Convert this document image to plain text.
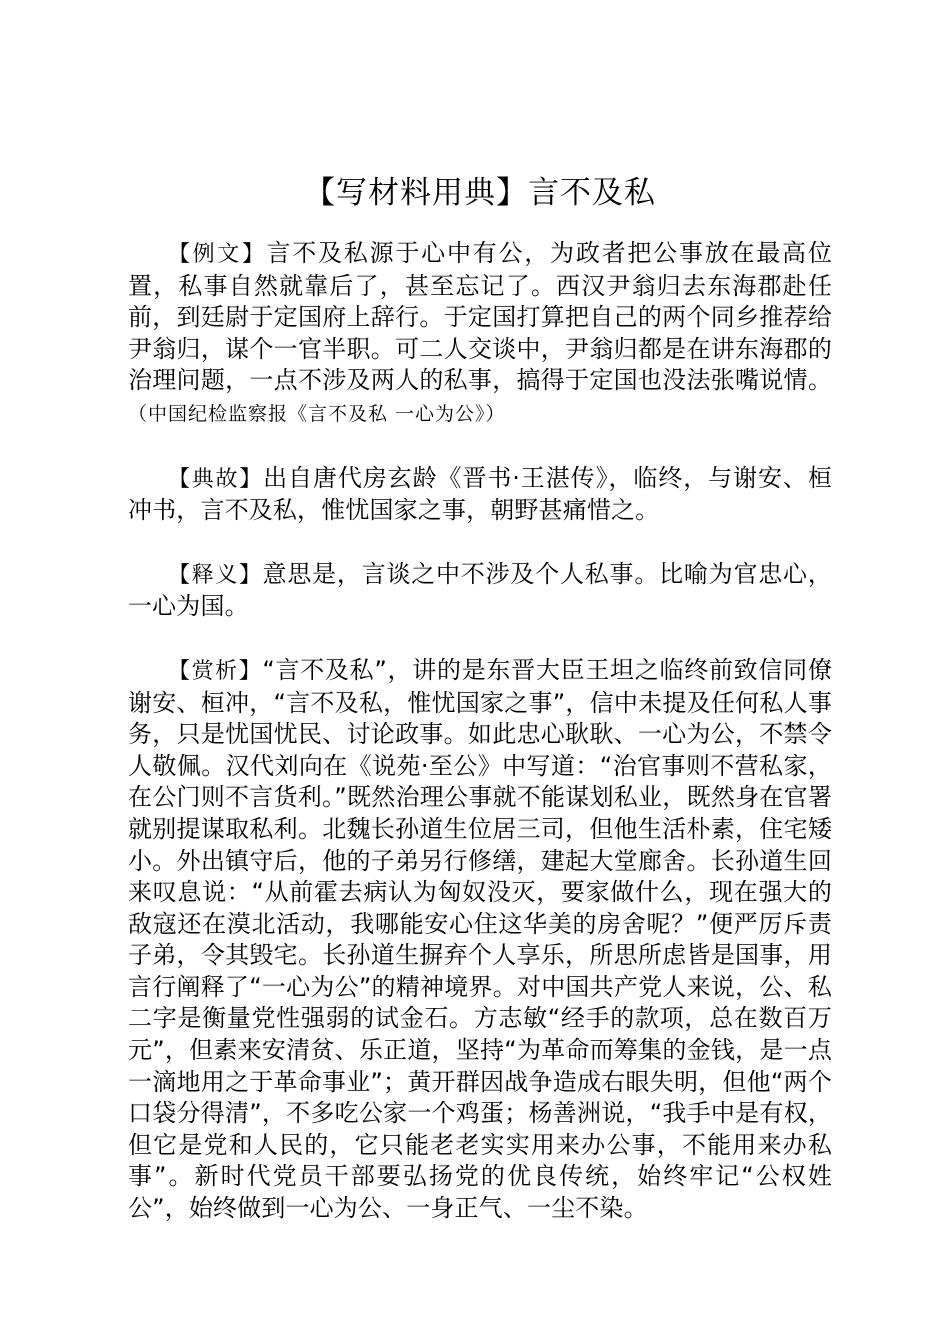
【写材料用典】言不及私

【例文】言不及私源于心中有公，为政者把公事放在最高位置，私事自然就靠后了，甚至忘记了。西汉尹翁归去东海郡赴任前，到廷尉于定国府上辞行。于定国打算把自己的两个同乡推荐给尹翁归，谋个一官半职。可二人交谈中，尹翁归都是在讲东海郡的治理问题，一点不涉及两人的私事，搞得于定国也没法张嘴说情。（中国纪检监察报《言不及私 一心为公》）

【典故】出自唐代房玄龄《晋书·王湛传》，临终，与谢安、桓冲书，言不及私，惟忧国家之事，朝野甚痛惜之。

【释义】意思是，言谈之中不涉及个人私事。比喻为官忠心，一心为国。

【赏析】“言不及私”，讲的是东晋大臣王坦之临终前致信同僚谢安、桓冲，“言不及私，惟忧国家之事”，信中未提及任何私人事务，只是忧国忧民、讨论政事。如此忠心耿耿、一心为公，不禁令人敬佩。汉代刘向在《说苑·至公》中写道：“治官事则不营私家，在公门则不言货利。”既然治理公事就不能谋划私业，既然身在官署就别提谋取私利。北魏长孙道生位居三司，但他生活朴素，住宅矮小。外出镇守后，他的子弟另行修缮，建起大堂廊舍。长孙道生回来叹息说：“从前霍去病认为匈奴没灭，要家做什么，现在强大的敌寇还在漠北活动，我哪能安心住这华美的房舍呢？”便严厉斥责子弟，令其毁宅。长孙道生摒弃个人享乐，所思所虑皆是国事，用言行阐释了“一心为公”的精神境界。对中国共产党人来说，公、私二字是衡量党性强弱的试金石。方志敏“经手的款项，总在数百万元”，但素来安清贫、乐正道，坚持“为革命而筹集的金钱，是一点一滴地用之于革命事业”；黄开群因战争造成右眼失明，但他“两个口袋分得清”，不多吃公家一个鸡蛋；杨善洲说，“我手中是有权，但它是党和人民的，它只能老老实实用来办公事，不能用来办私事”。新时代党员干部要弘扬党的优良传统，始终牢记“公权姓公”，始终做到一心为公、一身正气、一尘不染。
